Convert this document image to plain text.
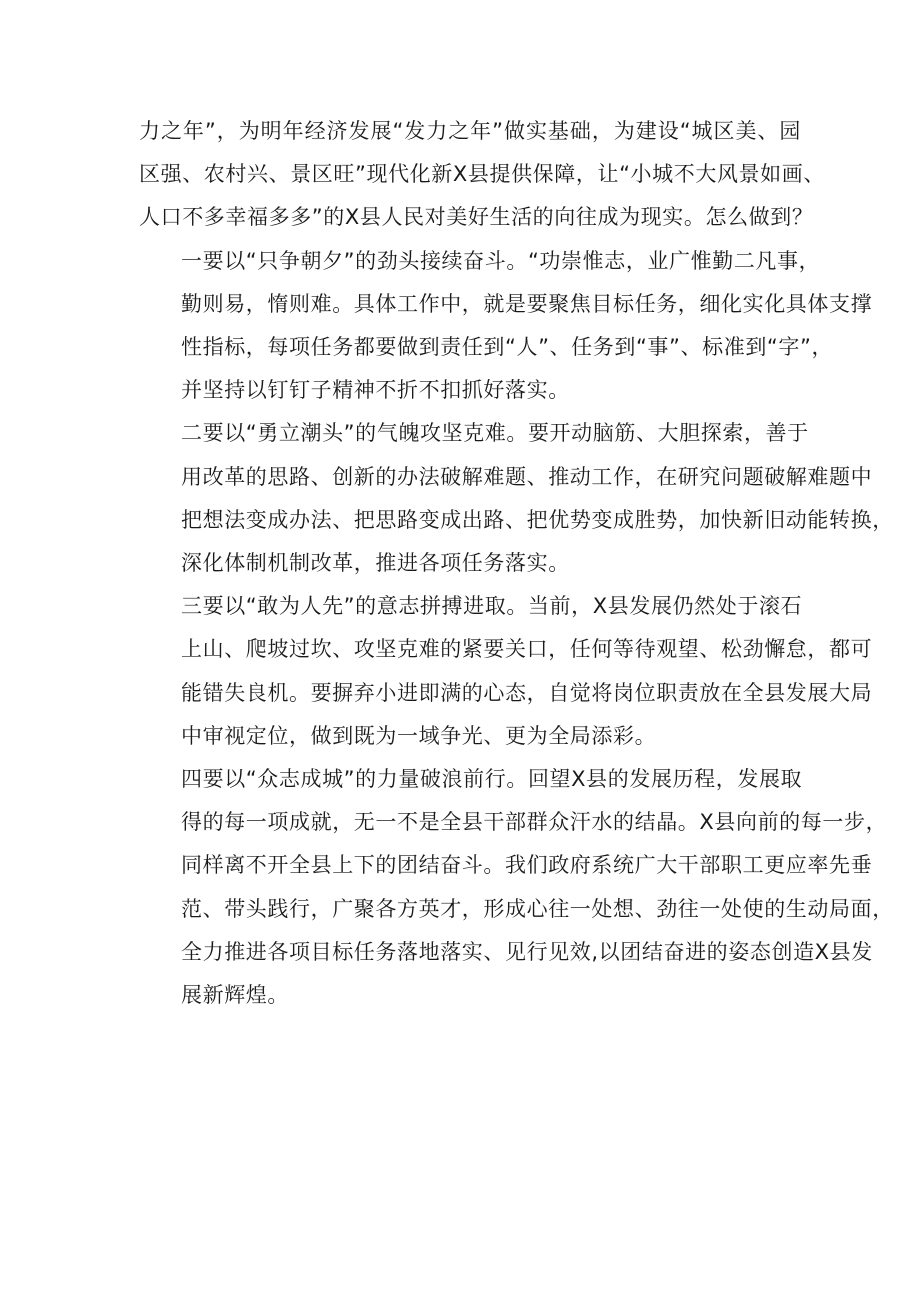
力之年”，为明年经济发展“发力之年”做实基础，为建设“城区美、园
区强、农村兴、景区旺”现代化新X县提供保障，让“小城不大风景如画、
人口不多幸福多多”的X县人民对美好生活的向往成为现实。怎么做到？

一要以“只争朝夕”的劲头接续奋斗。“功崇惟志，业广惟勤二凡事，
勤则易，惰则难。具体工作中，就是要聚焦目标任务，细化实化具体支撑
性指标，每项任务都要做到责任到“人”、任务到“事”、标准到“字”，
并坚持以钉钉子精神不折不扣抓好落实。

二要以“勇立潮头”的气魄攻坚克难。要开动脑筋、大胆探索，善于
用改革的思路、创新的办法破解难题、推动工作，在研究问题破解难题中
把想法变成办法、把思路变成出路、把优势变成胜势，加快新旧动能转换，
深化体制机制改革，推进各项任务落实。

三要以“敢为人先”的意志拼搏进取。当前，X县发展仍然处于滚石
上山、爬坡过坎、攻坚克难的紧要关口，任何等待观望、松劲懈怠，都可
能错失良机。要摒弃小进即满的心态，自觉将岗位职责放在全县发展大局
中审视定位，做到既为一域争光、更为全局添彩。

四要以“众志成城”的力量破浪前行。回望X县的发展历程，发展取
得的每一项成就，无一不是全县干部群众汗水的结晶。X县向前的每一步，
同样离不开全县上下的团结奋斗。我们政府系统广大干部职工更应率先垂
范、带头践行，广聚各方英才，形成心往一处想、劲往一处使的生动局面，
全力推进各项目标任务落地落实、见行见效,以团结奋进的姿态创造X县发
展新辉煌。
